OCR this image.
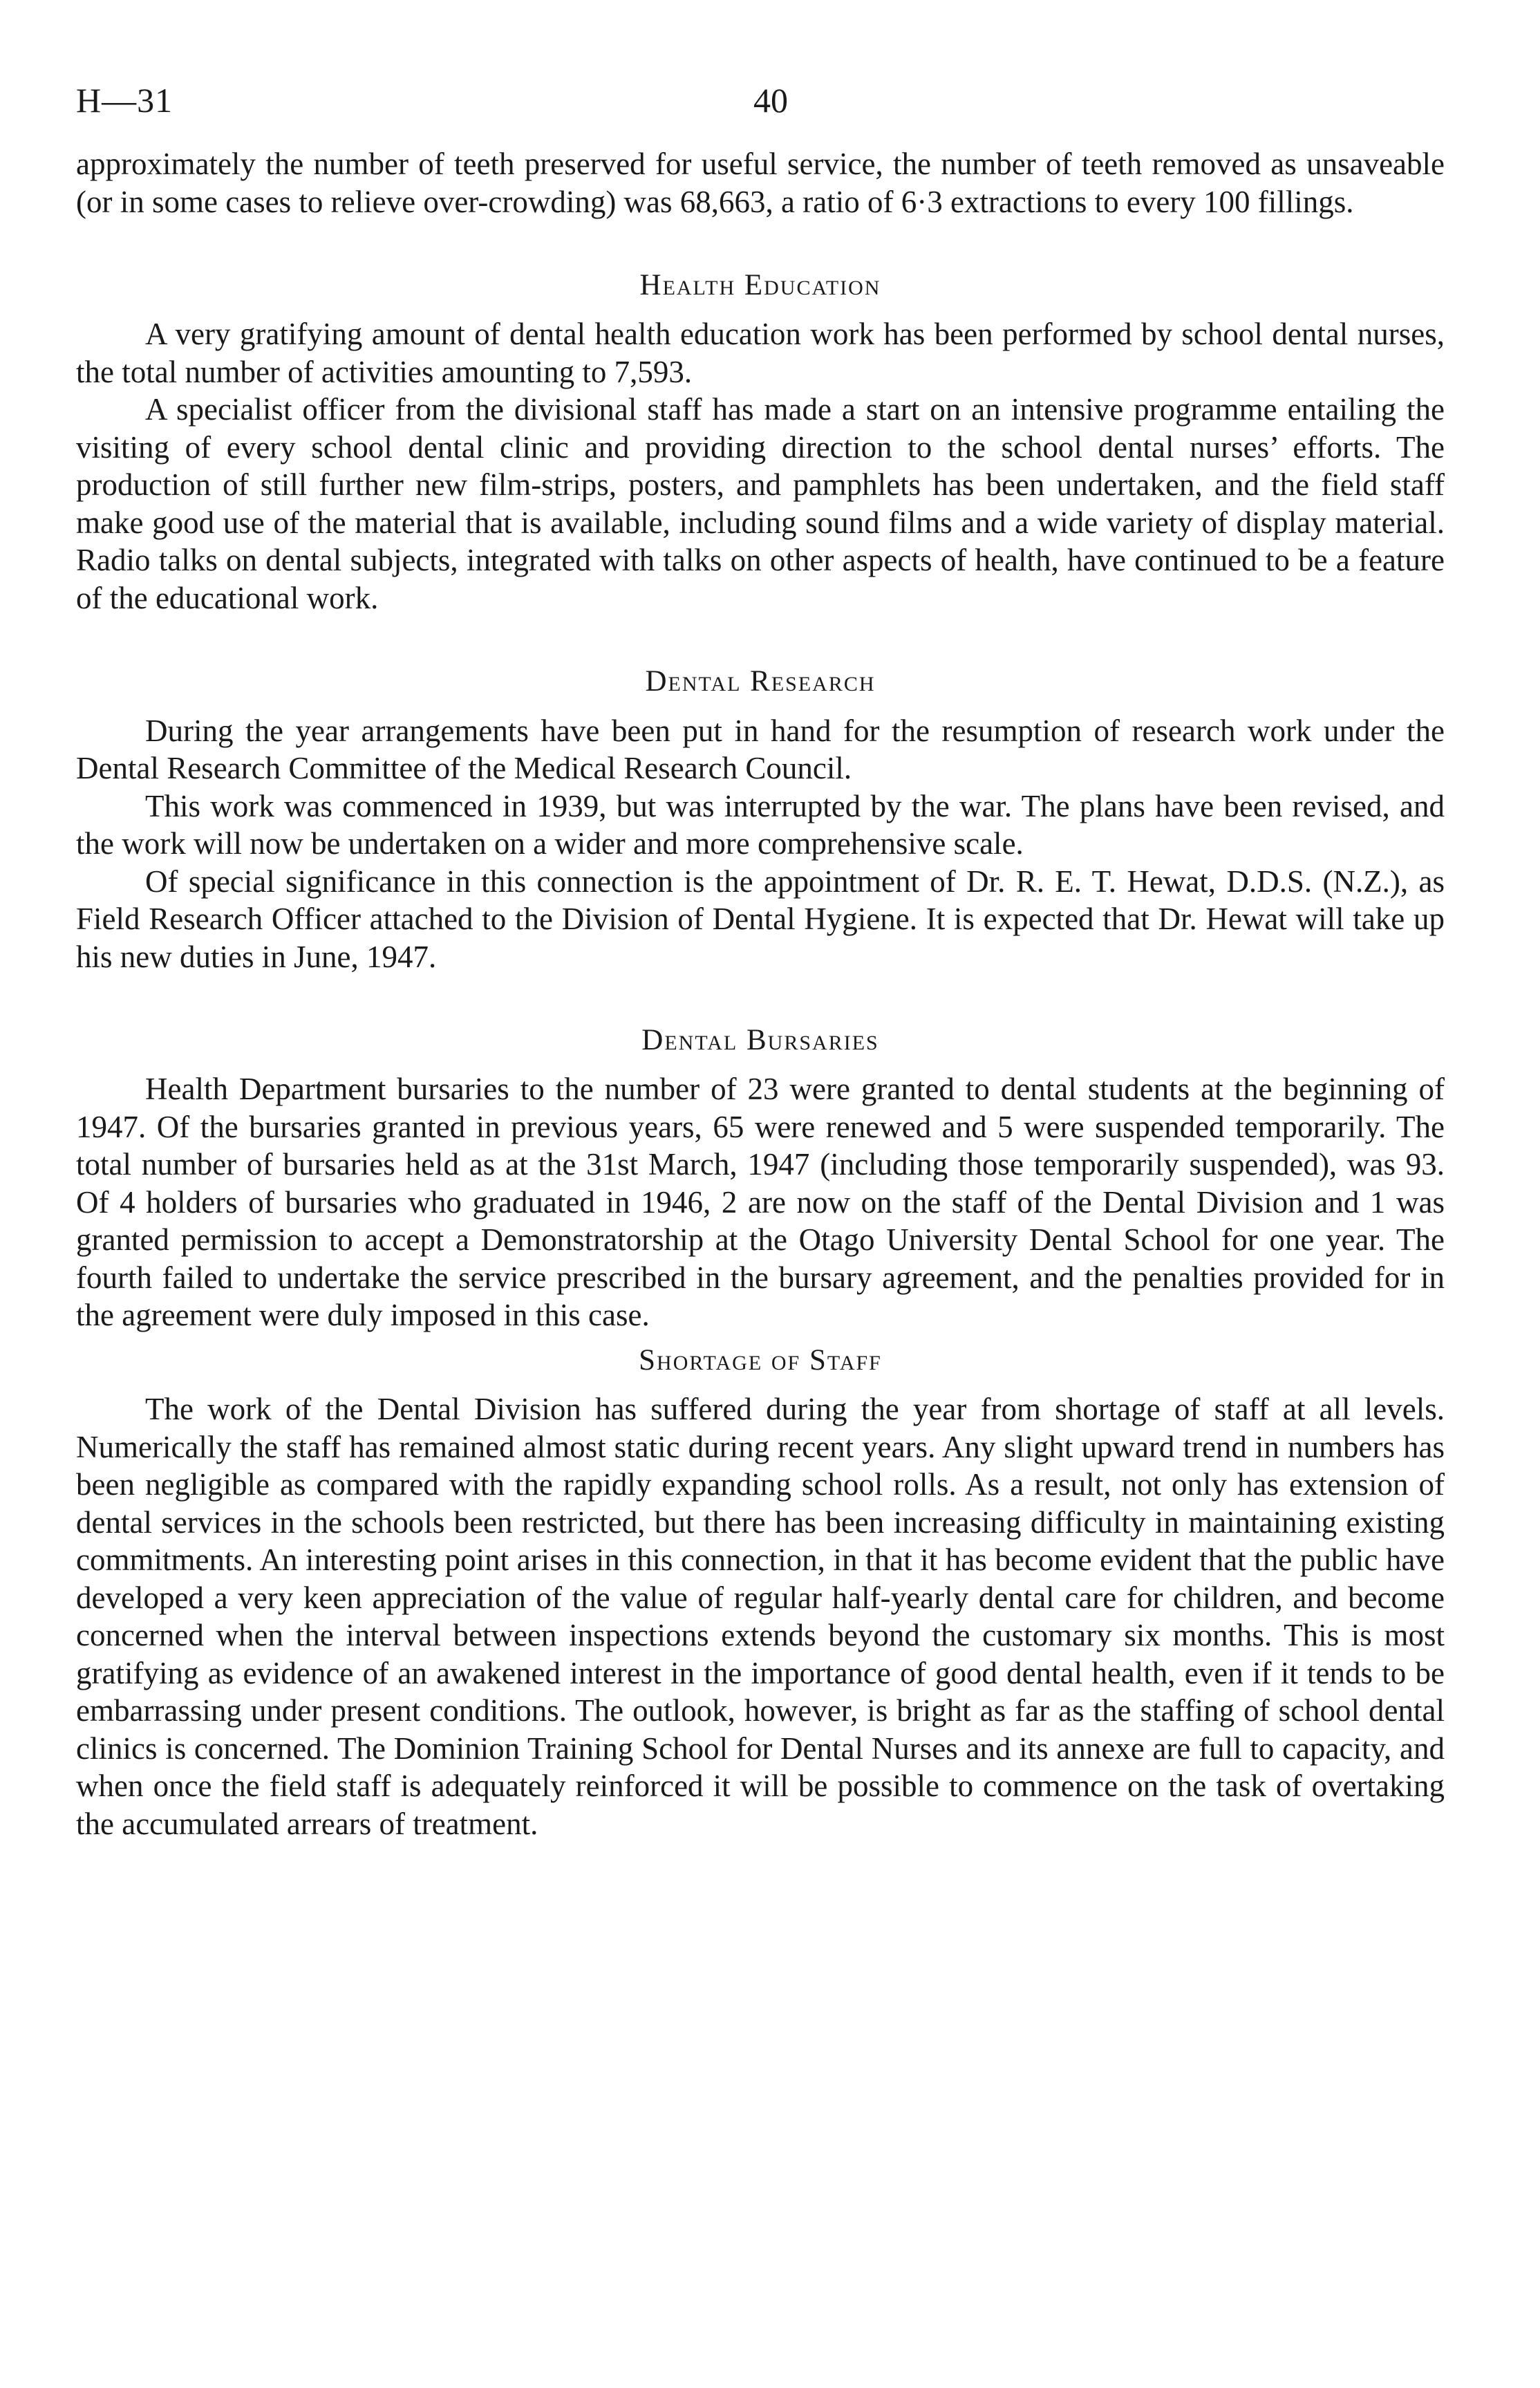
H—31	40

approximately the number of teeth preserved for useful service, the number of teeth removed as unsaveable (or in some cases to relieve over-crowding) was 68,663, a ratio of 6·3 extractions to every 100 fillings.

Health Education

A very gratifying amount of dental health education work has been performed by school dental nurses, the total number of activities amounting to 7,593.

A specialist officer from the divisional staff has made a start on an intensive programme entailing the visiting of every school dental clinic and providing direction to the school dental nurses’ efforts. The production of still further new film-strips, posters, and pamphlets has been undertaken, and the field staff make good use of the material that is available, including sound films and a wide variety of display material. Radio talks on dental subjects, integrated with talks on other aspects of health, have continued to be a feature of the educational work.

Dental Research

During the year arrangements have been put in hand for the resumption of research work under the Dental Research Committee of the Medical Research Council.

This work was commenced in 1939, but was interrupted by the war. The plans have been revised, and the work will now be undertaken on a wider and more comprehensive scale.

Of special significance in this connection is the appointment of Dr. R. E. T. Hewat, D.D.S. (N.Z.), as Field Research Officer attached to the Division of Dental Hygiene. It is expected that Dr. Hewat will take up his new duties in June, 1947.

Dental Bursaries

Health Department bursaries to the number of 23 were granted to dental students at the beginning of 1947. Of the bursaries granted in previous years, 65 were renewed and 5 were suspended temporarily. The total number of bursaries held as at the 31st March, 1947 (including those temporarily suspended), was 93. Of 4 holders of bursaries who graduated in 1946, 2 are now on the staff of the Dental Division and 1 was granted permission to accept a Demonstratorship at the Otago University Dental School for one year. The fourth failed to undertake the service prescribed in the bursary agreement, and the penalties provided for in the agreement were duly imposed in this case.

Shortage of Staff

The work of the Dental Division has suffered during the year from shortage of staff at all levels. Numerically the staff has remained almost static during recent years. Any slight upward trend in numbers has been negligible as compared with the rapidly expanding school rolls. As a result, not only has extension of dental services in the schools been restricted, but there has been increasing difficulty in maintaining existing commitments. An interesting point arises in this connection, in that it has become evident that the public have developed a very keen appreciation of the value of regular half-yearly dental care for children, and become concerned when the interval between inspections extends beyond the customary six months. This is most gratifying as evidence of an awakened interest in the importance of good dental health, even if it tends to be embarrassing under present conditions. The outlook, however, is bright as far as the staffing of school dental clinics is concerned. The Dominion Training School for Dental Nurses and its annexe are full to capacity, and when once the field staff is adequately reinforced it will be possible to commence on the task of overtaking the accumulated arrears of treatment.
